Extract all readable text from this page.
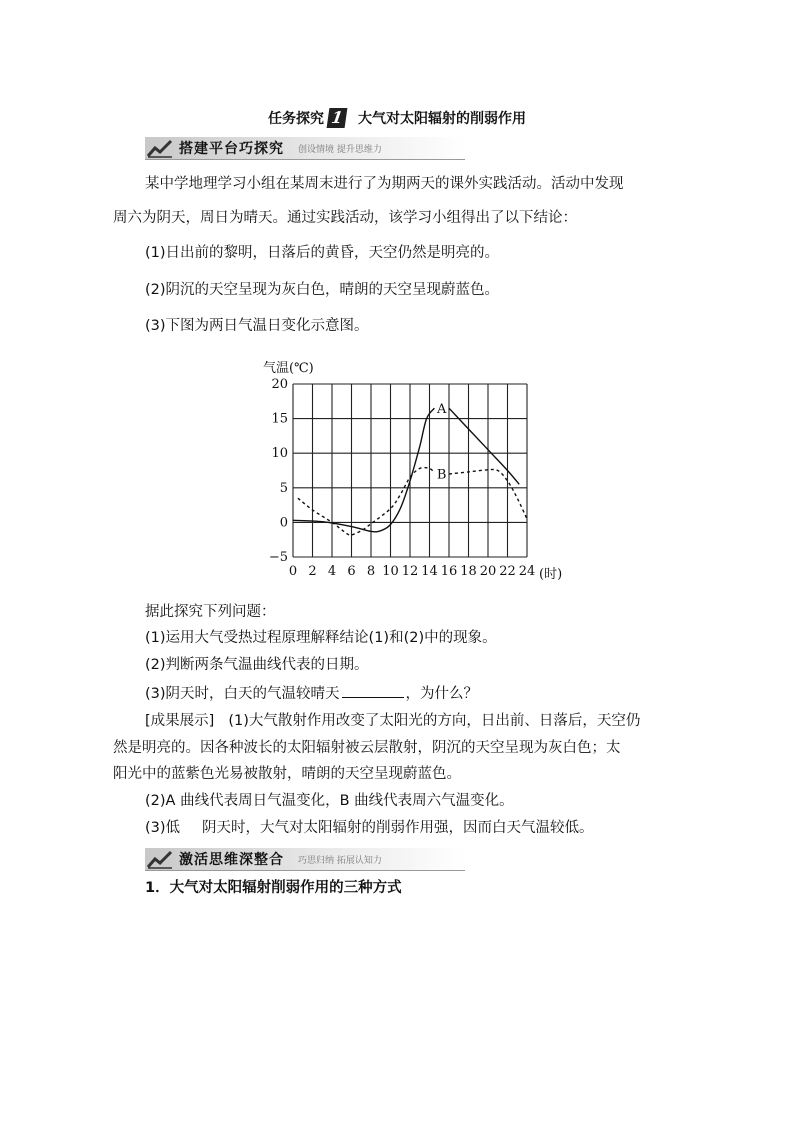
任务探究 1 大气对太阳辐射的削弱作用
搭建平台巧探究 创设情境 提升思维力
某中学地理学习小组在某周末进行了为期两天的课外实践活动。活动中发现
周六为阴天，周日为晴天。通过实践活动，该学习小组得出了以下结论：
(1)日出前的黎明，日落后的黄昏，天空仍然是明亮的。
(2)阴沉的天空呈现为灰白色，晴朗的天空呈现蔚蓝色。
(3)下图为两日气温日变化示意图。
气温(℃)
(时)
0 2 4 6 8 10 12 14 16 18 20 22 24
−5
0
5
10
15
20
A
B
据此探究下列问题：
(1)运用大气受热过程原理解释结论(1)和(2)中的现象。
(2)判断两条气温曲线代表的日期。
(3)阴天时，白天的气温较晴天	，为什么？
[成果展示] (1)大气散射作用改变了太阳光的方向，日出前、日落后，天空仍
然是明亮的。因各种波长的太阳辐射被云层散射，阴沉的天空呈现为灰白色；太
阳光中的蓝紫色光易被散射，晴朗的天空呈现蔚蓝色。
(2)A 曲线代表周日气温变化，B 曲线代表周六气温变化。
(3)低 阴天时，大气对太阳辐射的削弱作用强，因而白天气温较低。
激活思维深整合 巧思归纳 拓展认知力
1．大气对太阳辐射削弱作用的三种方式
